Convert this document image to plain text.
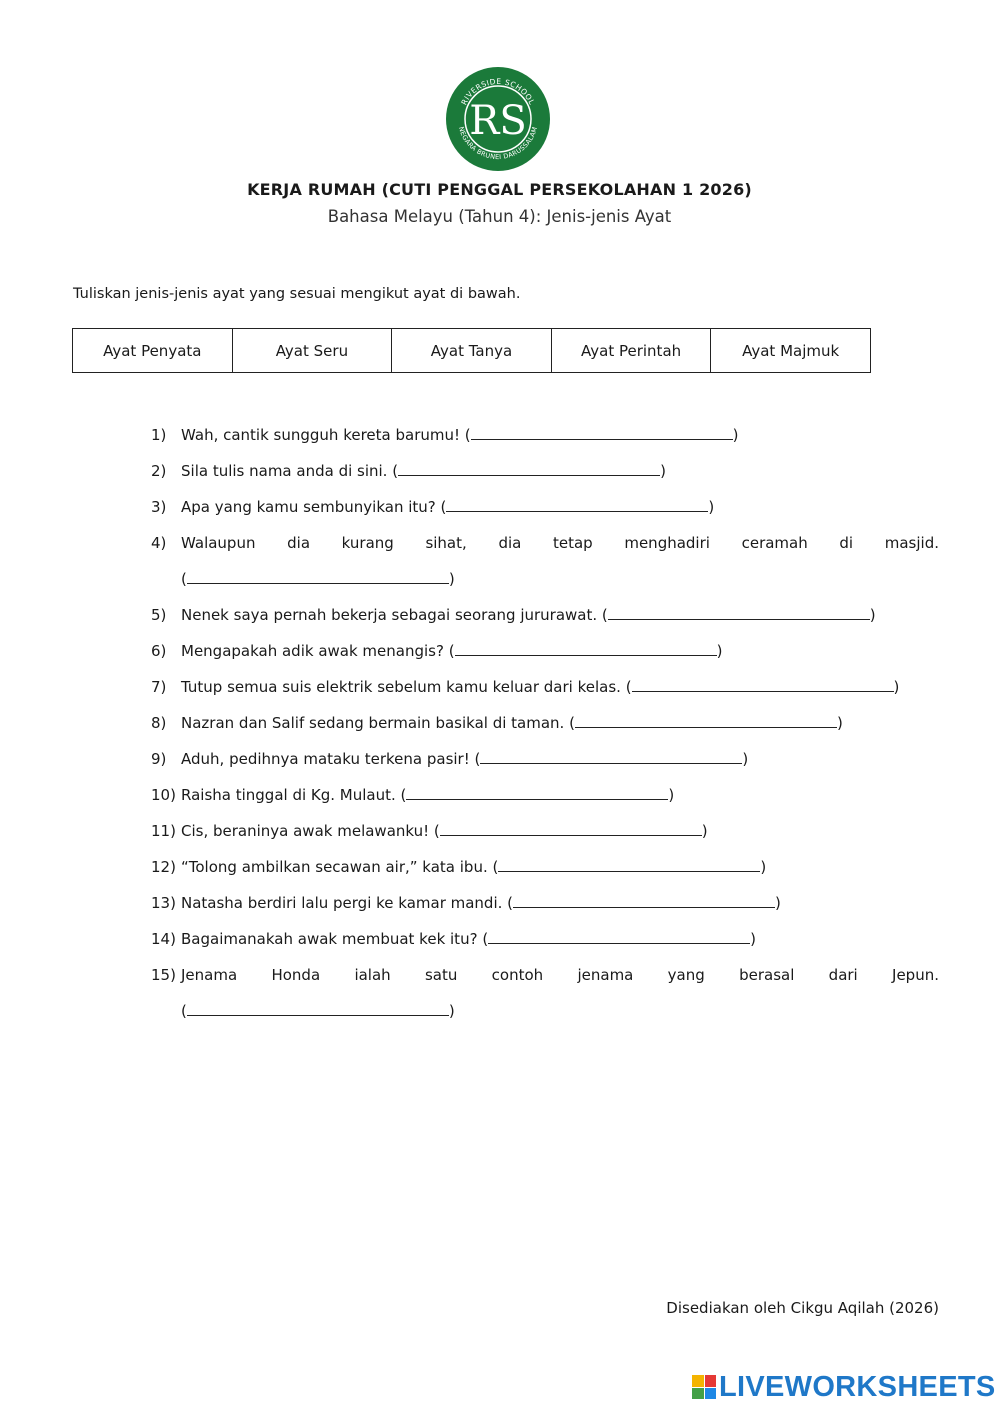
RIVERSIDE SCHOOL
NEGARA BRUNEI DARUSSALAM
RS
KERJA RUMAH (CUTI PENGGAL PERSEKOLAHAN 1 2026)
Bahasa Melayu (Tahun 4): Jenis-jenis Ayat
Tuliskan jenis-jenis ayat yang sesuai mengikut ayat di bawah.
Ayat Penyata	Ayat Seru	Ayat Tanya	Ayat Perintah	Ayat Majmuk
1) Wah, cantik sungguh kereta barumu! (	)
2) Sila tulis nama anda di sini. (	)
3) Apa yang kamu sembunyikan itu? (	)
4) Walaupun dia kurang sihat, dia tetap menghadiri ceramah di masjid.
(	)
5) Nenek saya pernah bekerja sebagai seorang jururawat. (	)
6) Mengapakah adik awak menangis? (	)
7) Tutup semua suis elektrik sebelum kamu keluar dari kelas. (	)
8) Nazran dan Salif sedang bermain basikal di taman. (	)
9) Aduh, pedihnya mataku terkena pasir! (	)
10) Raisha tinggal di Kg. Mulaut. (	)
11) Cis, beraninya awak melawanku! (	)
12) “Tolong ambilkan secawan air,” kata ibu. (	)
13) Natasha berdiri lalu pergi ke kamar mandi. (	)
14) Bagaimanakah awak membuat kek itu? (	)
15) Jenama Honda ialah satu contoh jenama yang berasal dari Jepun.
(	)
Disediakan oleh Cikgu Aqilah (2026)
LIVEWORKSHEETS
